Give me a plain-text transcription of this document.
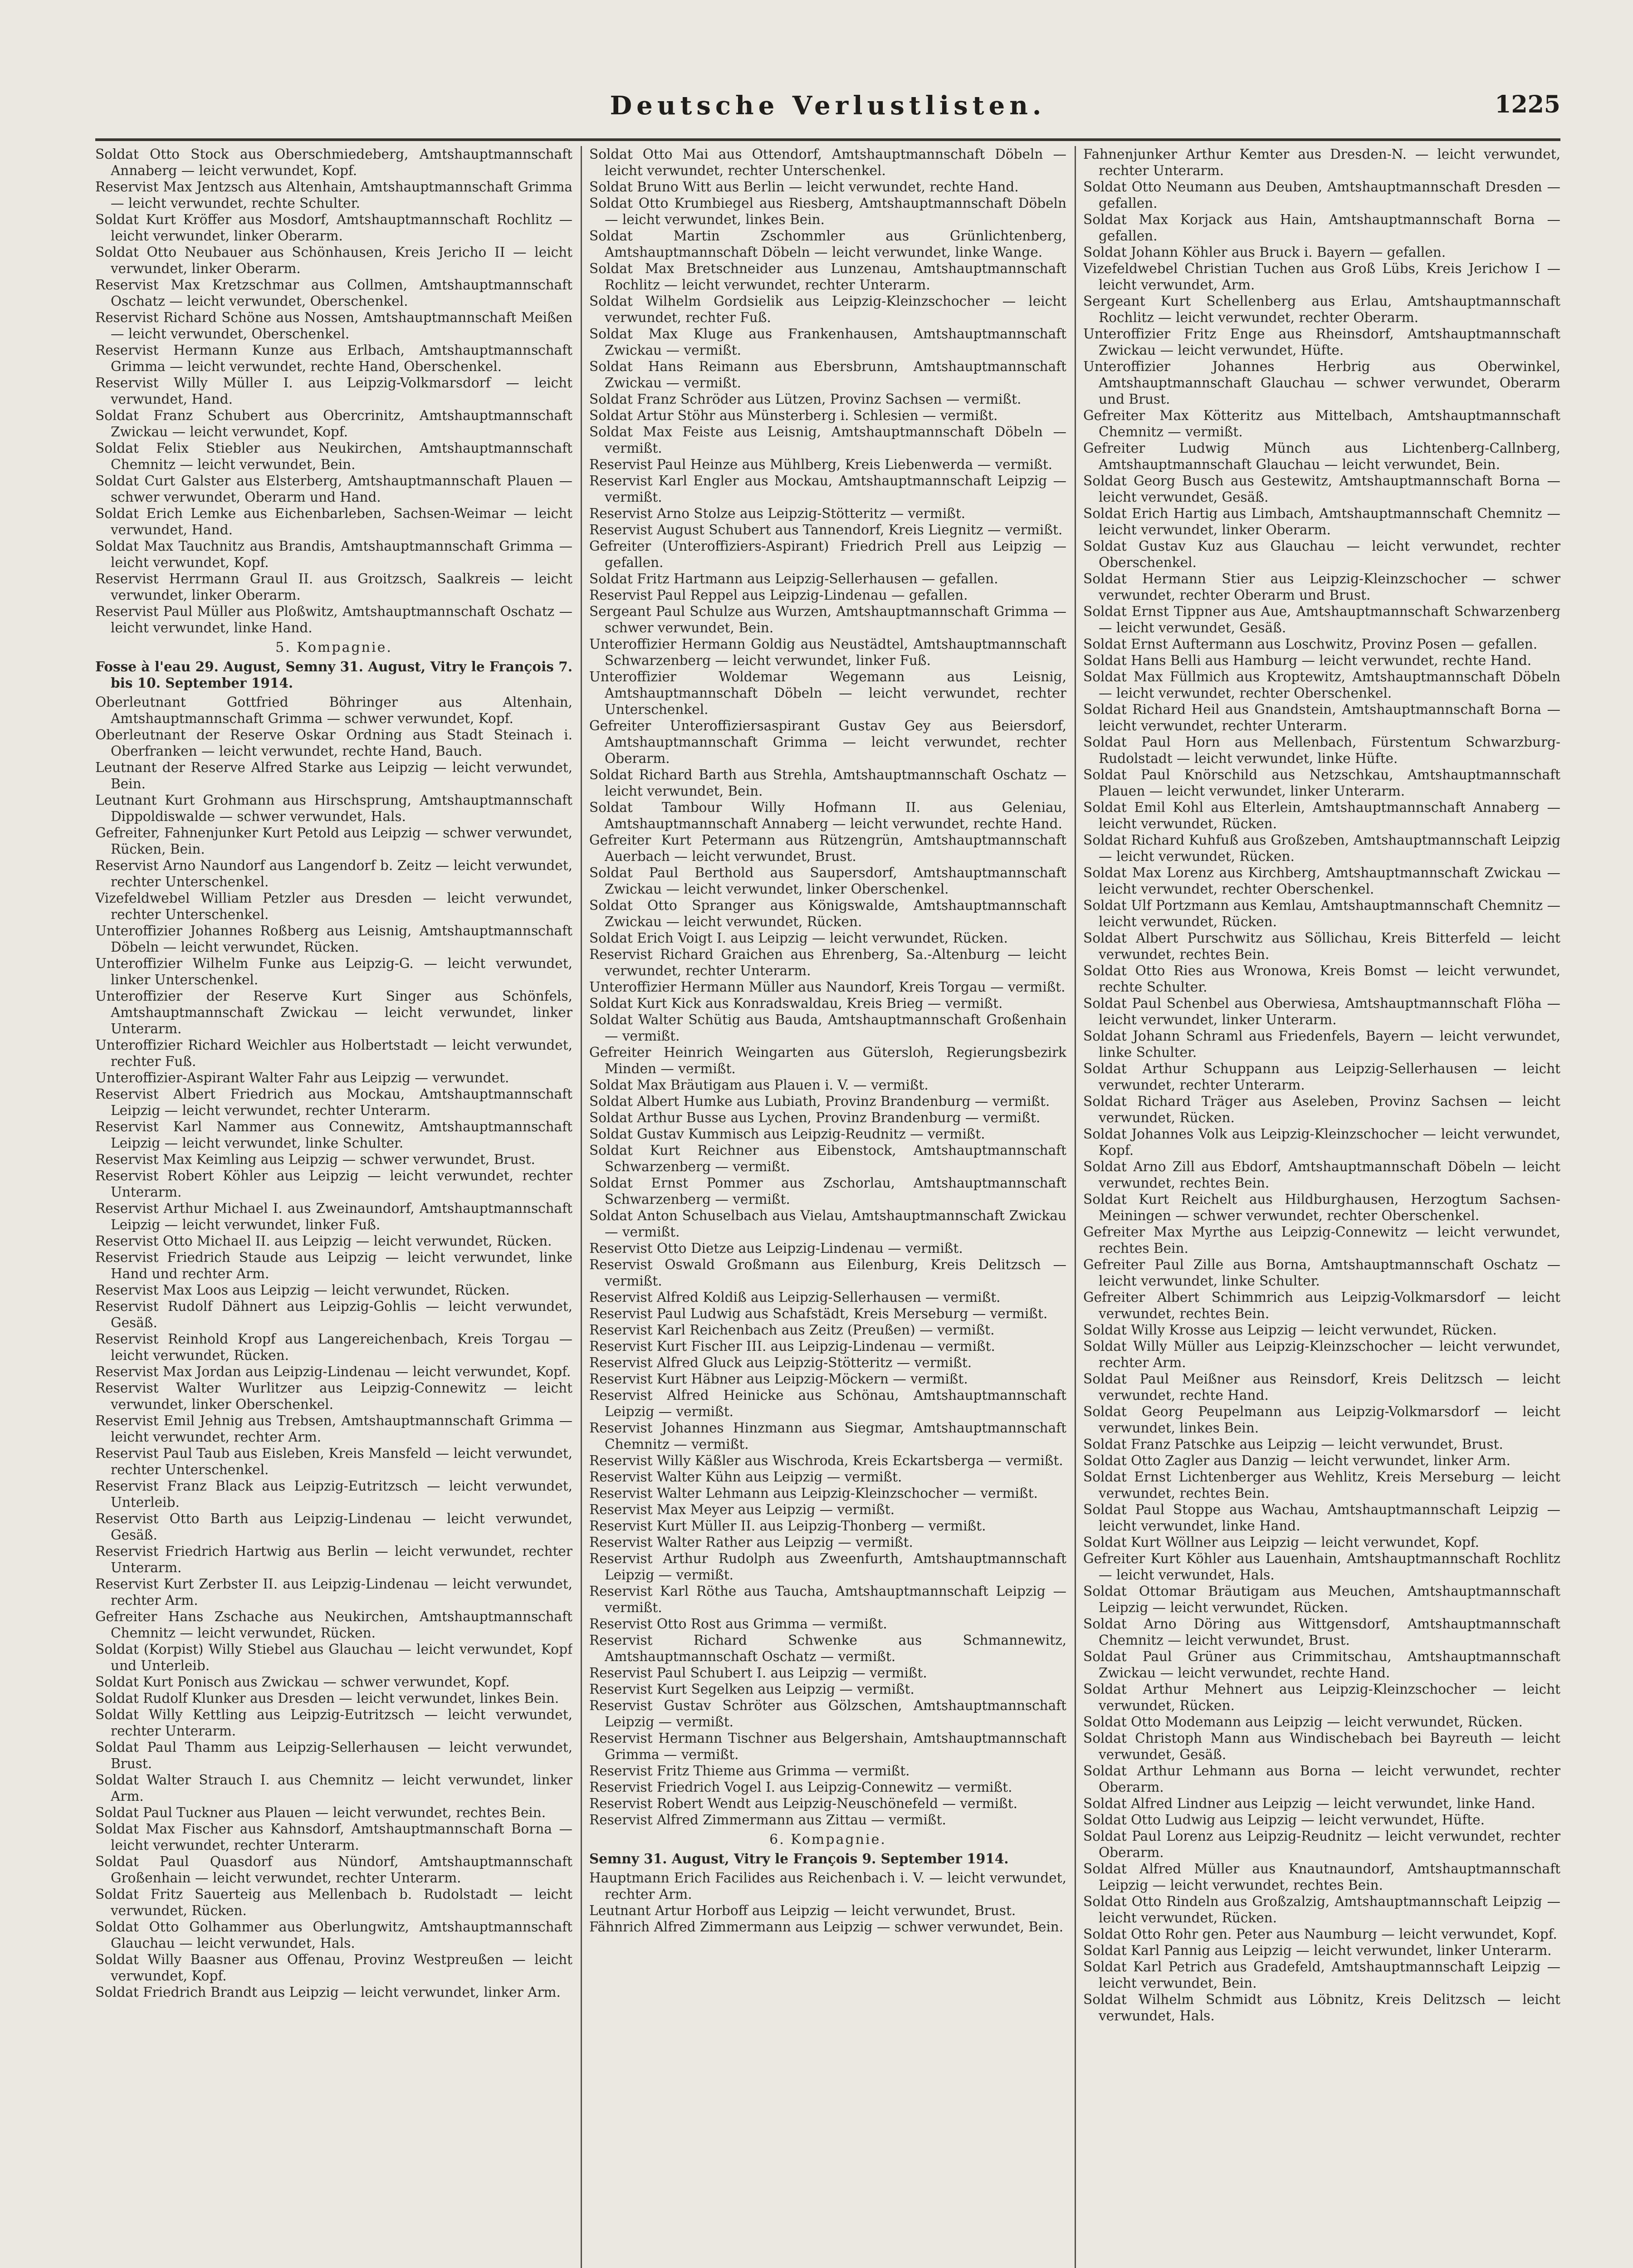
Deutsche Verlustlisten.	1225

Soldat Otto Stock aus Oberschmiedeberg, Amtshauptmannschaft Annaberg — leicht verwundet, Kopf.

Reservist Max Jentzsch aus Altenhain, Amtshauptmannschaft Grimma — leicht verwundet, rechte Schulter.

Soldat Kurt Kröffer aus Mosdorf, Amtshauptmannschaft Rochlitz — leicht verwundet, linker Oberarm.

Soldat Otto Neubauer aus Schönhausen, Kreis Jericho II — leicht verwundet, linker Oberarm.

Reservist Max Kretzschmar aus Collmen, Amtshauptmannschaft Oschatz — leicht verwundet, Oberschenkel.

Reservist Richard Schöne aus Nossen, Amtshauptmannschaft Meißen — leicht verwundet, Oberschenkel.

Reservist Hermann Kunze aus Erlbach, Amtshauptmannschaft Grimma — leicht verwundet, rechte Hand, Oberschenkel.

Reservist Willy Müller I. aus Leipzig-Volkmarsdorf — leicht verwundet, Hand.

Soldat Franz Schubert aus Obercrinitz, Amtshauptmannschaft Zwickau — leicht verwundet, Kopf.

Soldat Felix Stiebler aus Neukirchen, Amtshauptmannschaft Chemnitz — leicht verwundet, Bein.

Soldat Curt Galster aus Elsterberg, Amtshauptmannschaft Plauen — schwer verwundet, Oberarm und Hand.

Soldat Erich Lemke aus Eichenbarleben, Sachsen-Weimar — leicht verwundet, Hand.

Soldat Max Tauchnitz aus Brandis, Amtshauptmannschaft Grimma — leicht verwundet, Kopf.

Reservist Herrmann Graul II. aus Groitzsch, Saalkreis — leicht verwundet, linker Oberarm.

Reservist Paul Müller aus Ploßwitz, Amtshauptmannschaft Oschatz — leicht verwundet, linke Hand.

5. Kompagnie.

Fosse à l'eau 29. August, Semny 31. August, Vitry le François 7. bis 10. September 1914.

Oberleutnant Gottfried Böhringer aus Altenhain, Amtshauptmannschaft Grimma — schwer verwundet, Kopf.

Oberleutnant der Reserve Oskar Ordning aus Stadt Steinach i. Oberfranken — leicht verwundet, rechte Hand, Bauch.

Leutnant der Reserve Alfred Starke aus Leipzig — leicht verwundet, Bein.

Leutnant Kurt Grohmann aus Hirschsprung, Amtshauptmannschaft Dippoldiswalde — schwer verwundet, Hals.

Gefreiter, Fahnenjunker Kurt Petold aus Leipzig — schwer verwundet, Rücken, Bein.

Reservist Arno Naundorf aus Langendorf b. Zeitz — leicht verwundet, rechter Unterschenkel.

Vizefeldwebel William Petzler aus Dresden — leicht verwundet, rechter Unterschenkel.

Unteroffizier Johannes Roßberg aus Leisnig, Amtshauptmannschaft Döbeln — leicht verwundet, Rücken.

Unteroffizier Wilhelm Funke aus Leipzig-G. — leicht verwundet, linker Unterschenkel.

Unteroffizier der Reserve Kurt Singer aus Schönfels, Amtshauptmannschaft Zwickau — leicht verwundet, linker Unterarm.

Unteroffizier Richard Weichler aus Holbertstadt — leicht verwundet, rechter Fuß.

Unteroffizier-Aspirant Walter Fahr aus Leipzig — verwundet.

Reservist Albert Friedrich aus Mockau, Amtshauptmannschaft Leipzig — leicht verwundet, rechter Unterarm.

Reservist Karl Nammer aus Connewitz, Amtshauptmannschaft Leipzig — leicht verwundet, linke Schulter.

Reservist Max Keimling aus Leipzig — schwer verwundet, Brust.

Reservist Robert Köhler aus Leipzig — leicht verwundet, rechter Unterarm.

Reservist Arthur Michael I. aus Zweinaundorf, Amtshauptmannschaft Leipzig — leicht verwundet, linker Fuß.

Reservist Otto Michael II. aus Leipzig — leicht verwundet, Rücken.

Reservist Friedrich Staude aus Leipzig — leicht verwundet, linke Hand und rechter Arm.

Reservist Max Loos aus Leipzig — leicht verwundet, Rücken.

Reservist Rudolf Dähnert aus Leipzig-Gohlis — leicht verwundet, Gesäß.

Reservist Reinhold Kropf aus Langereichenbach, Kreis Torgau — leicht verwundet, Rücken.

Reservist Max Jordan aus Leipzig-Lindenau — leicht verwundet, Kopf.

Reservist Walter Wurlitzer aus Leipzig-Connewitz — leicht verwundet, linker Oberschenkel.

Reservist Emil Jehnig aus Trebsen, Amtshauptmannschaft Grimma — leicht verwundet, rechter Arm.

Reservist Paul Taub aus Eisleben, Kreis Mansfeld — leicht verwundet, rechter Unterschenkel.

Reservist Franz Black aus Leipzig-Eutritzsch — leicht verwundet, Unterleib.

Reservist Otto Barth aus Leipzig-Lindenau — leicht verwundet, Gesäß.

Reservist Friedrich Hartwig aus Berlin — leicht verwundet, rechter Unterarm.

Reservist Kurt Zerbster II. aus Leipzig-Lindenau — leicht verwundet, rechter Arm.

Gefreiter Hans Zschache aus Neukirchen, Amtshauptmannschaft Chemnitz — leicht verwundet, Rücken.

Soldat (Korpist) Willy Stiebel aus Glauchau — leicht verwundet, Kopf und Unterleib.

Soldat Kurt Ponisch aus Zwickau — schwer verwundet, Kopf.

Soldat Rudolf Klunker aus Dresden — leicht verwundet, linkes Bein.

Soldat Willy Kettling aus Leipzig-Eutritzsch — leicht verwundet, rechter Unterarm.

Soldat Paul Thamm aus Leipzig-Sellerhausen — leicht verwundet, Brust.

Soldat Walter Strauch I. aus Chemnitz — leicht verwundet, linker Arm.

Soldat Paul Tuckner aus Plauen — leicht verwundet, rechtes Bein.

Soldat Max Fischer aus Kahnsdorf, Amtshauptmannschaft Borna — leicht verwundet, rechter Unterarm.

Soldat Paul Quasdorf aus Nündorf, Amtshauptmannschaft Großenhain — leicht verwundet, rechter Unterarm.

Soldat Fritz Sauerteig aus Mellenbach b. Rudolstadt — leicht verwundet, Rücken.

Soldat Otto Golhammer aus Oberlungwitz, Amtshauptmannschaft Glauchau — leicht verwundet, Hals.

Soldat Willy Baasner aus Offenau, Provinz Westpreußen — leicht verwundet, Kopf.

Soldat Friedrich Brandt aus Leipzig — leicht verwundet, linker Arm.

Soldat Otto Mai aus Ottendorf, Amtshauptmannschaft Döbeln — leicht verwundet, rechter Unterschenkel.

Soldat Bruno Witt aus Berlin — leicht verwundet, rechte Hand.

Soldat Otto Krumbiegel aus Riesberg, Amtshauptmannschaft Döbeln — leicht verwundet, linkes Bein.

Soldat Martin Zschommler aus Grünlichtenberg, Amtshauptmannschaft Döbeln — leicht verwundet, linke Wange.

Soldat Max Bretschneider aus Lunzenau, Amtshauptmannschaft Rochlitz — leicht verwundet, rechter Unterarm.

Soldat Wilhelm Gordsielik aus Leipzig-Kleinzschocher — leicht verwundet, rechter Fuß.

Soldat Max Kluge aus Frankenhausen, Amtshauptmannschaft Zwickau — vermißt.

Soldat Hans Reimann aus Ebersbrunn, Amtshauptmannschaft Zwickau — vermißt.

Soldat Franz Schröder aus Lützen, Provinz Sachsen — vermißt.

Soldat Artur Stöhr aus Münsterberg i. Schlesien — vermißt.

Soldat Max Feiste aus Leisnig, Amtshauptmannschaft Döbeln — vermißt.

Reservist Paul Heinze aus Mühlberg, Kreis Liebenwerda — vermißt.

Reservist Karl Engler aus Mockau, Amtshauptmannschaft Leipzig — vermißt.

Reservist Arno Stolze aus Leipzig-Stötteritz — vermißt.

Reservist August Schubert aus Tannendorf, Kreis Liegnitz — vermißt.

Gefreiter (Unteroffiziers-Aspirant) Friedrich Prell aus Leipzig — gefallen.

Soldat Fritz Hartmann aus Leipzig-Sellerhausen — gefallen.

Reservist Paul Reppel aus Leipzig-Lindenau — gefallen.

Sergeant Paul Schulze aus Wurzen, Amtshauptmannschaft Grimma — schwer verwundet, Bein.

Unteroffizier Hermann Goldig aus Neustädtel, Amtshauptmannschaft Schwarzenberg — leicht verwundet, linker Fuß.

Unteroffizier Woldemar Wegemann aus Leisnig, Amtshauptmannschaft Döbeln — leicht verwundet, rechter Unterschenkel.

Gefreiter Unteroffiziersaspirant Gustav Gey aus Beiersdorf, Amtshauptmannschaft Grimma — leicht verwundet, rechter Oberarm.

Soldat Richard Barth aus Strehla, Amtshauptmannschaft Oschatz — leicht verwundet, Bein.

Soldat Tambour Willy Hofmann II. aus Geleniau, Amtshauptmannschaft Annaberg — leicht verwundet, rechte Hand.

Gefreiter Kurt Petermann aus Rützengrün, Amtshauptmannschaft Auerbach — leicht verwundet, Brust.

Soldat Paul Berthold aus Saupersdorf, Amtshauptmannschaft Zwickau — leicht verwundet, linker Oberschenkel.

Soldat Otto Spranger aus Königswalde, Amtshauptmannschaft Zwickau — leicht verwundet, Rücken.

Soldat Erich Voigt I. aus Leipzig — leicht verwundet, Rücken.

Reservist Richard Graichen aus Ehrenberg, Sa.-Altenburg — leicht verwundet, rechter Unterarm.

Unteroffizier Hermann Müller aus Naundorf, Kreis Torgau — vermißt.

Soldat Kurt Kick aus Konradswaldau, Kreis Brieg — vermißt.

Soldat Walter Schütig aus Bauda, Amtshauptmannschaft Großenhain — vermißt.

Gefreiter Heinrich Weingarten aus Gütersloh, Regierungsbezirk Minden — vermißt.

Soldat Max Bräutigam aus Plauen i. V. — vermißt.

Soldat Albert Humke aus Lubiath, Provinz Brandenburg — vermißt.

Soldat Arthur Busse aus Lychen, Provinz Brandenburg — vermißt.

Soldat Gustav Kummisch aus Leipzig-Reudnitz — vermißt.

Soldat Kurt Reichner aus Eibenstock, Amtshauptmannschaft Schwarzenberg — vermißt.

Soldat Ernst Pommer aus Zschorlau, Amtshauptmannschaft Schwarzenberg — vermißt.

Soldat Anton Schuselbach aus Vielau, Amtshauptmannschaft Zwickau — vermißt.

Reservist Otto Dietze aus Leipzig-Lindenau — vermißt.

Reservist Oswald Großmann aus Eilenburg, Kreis Delitzsch — vermißt.

Reservist Alfred Koldiß aus Leipzig-Sellerhausen — vermißt.

Reservist Paul Ludwig aus Schafstädt, Kreis Merseburg — vermißt.

Reservist Karl Reichenbach aus Zeitz (Preußen) — vermißt.

Reservist Kurt Fischer III. aus Leipzig-Lindenau — vermißt.

Reservist Alfred Gluck aus Leipzig-Stötteritz — vermißt.

Reservist Kurt Häbner aus Leipzig-Möckern — vermißt.

Reservist Alfred Heinicke aus Schönau, Amtshauptmannschaft Leipzig — vermißt.

Reservist Johannes Hinzmann aus Siegmar, Amtshauptmannschaft Chemnitz — vermißt.

Reservist Willy Käßler aus Wischroda, Kreis Eckartsberga — vermißt.

Reservist Walter Kühn aus Leipzig — vermißt.

Reservist Walter Lehmann aus Leipzig-Kleinzschocher — vermißt.

Reservist Max Meyer aus Leipzig — vermißt.

Reservist Kurt Müller II. aus Leipzig-Thonberg — vermißt.

Reservist Walter Rather aus Leipzig — vermißt.

Reservist Arthur Rudolph aus Zweenfurth, Amtshauptmannschaft Leipzig — vermißt.

Reservist Karl Röthe aus Taucha, Amtshauptmannschaft Leipzig — vermißt.

Reservist Otto Rost aus Grimma — vermißt.

Reservist Richard Schwenke aus Schmannewitz, Amtshauptmannschaft Oschatz — vermißt.

Reservist Paul Schubert I. aus Leipzig — vermißt.

Reservist Kurt Segelken aus Leipzig — vermißt.

Reservist Gustav Schröter aus Gölzschen, Amtshauptmannschaft Leipzig — vermißt.

Reservist Hermann Tischner aus Belgershain, Amtshauptmannschaft Grimma — vermißt.

Reservist Fritz Thieme aus Grimma — vermißt.

Reservist Friedrich Vogel I. aus Leipzig-Connewitz — vermißt.

Reservist Robert Wendt aus Leipzig-Neuschönefeld — vermißt.

Reservist Alfred Zimmermann aus Zittau — vermißt.

6. Kompagnie.

Semny 31. August, Vitry le François 9. September 1914.

Hauptmann Erich Facilides aus Reichenbach i. V. — leicht verwundet, rechter Arm.

Leutnant Artur Horboff aus Leipzig — leicht verwundet, Brust.

Fähnrich Alfred Zimmermann aus Leipzig — schwer verwundet, Bein.

Fahnenjunker Arthur Kemter aus Dresden-N. — leicht verwundet, rechter Unterarm.

Soldat Otto Neumann aus Deuben, Amtshauptmannschaft Dresden — gefallen.

Soldat Max Korjack aus Hain, Amtshauptmannschaft Borna — gefallen.

Soldat Johann Köhler aus Bruck i. Bayern — gefallen.

Vizefeldwebel Christian Tuchen aus Groß Lübs, Kreis Jerichow I — leicht verwundet, Arm.

Sergeant Kurt Schellenberg aus Erlau, Amtshauptmannschaft Rochlitz — leicht verwundet, rechter Oberarm.

Unteroffizier Fritz Enge aus Rheinsdorf, Amtshauptmannschaft Zwickau — leicht verwundet, Hüfte.

Unteroffizier Johannes Herbrig aus Oberwinkel, Amtshauptmannschaft Glauchau — schwer verwundet, Oberarm und Brust.

Gefreiter Max Kötteritz aus Mittelbach, Amtshauptmannschaft Chemnitz — vermißt.

Gefreiter Ludwig Münch aus Lichtenberg-Callnberg, Amtshauptmannschaft Glauchau — leicht verwundet, Bein.

Soldat Georg Busch aus Gestewitz, Amtshauptmannschaft Borna — leicht verwundet, Gesäß.

Soldat Erich Hartig aus Limbach, Amtshauptmannschaft Chemnitz — leicht verwundet, linker Oberarm.

Soldat Gustav Kuz aus Glauchau — leicht verwundet, rechter Oberschenkel.

Soldat Hermann Stier aus Leipzig-Kleinzschocher — schwer verwundet, rechter Oberarm und Brust.

Soldat Ernst Tippner aus Aue, Amtshauptmannschaft Schwarzenberg — leicht verwundet, Gesäß.

Soldat Ernst Auftermann aus Loschwitz, Provinz Posen — gefallen.

Soldat Hans Belli aus Hamburg — leicht verwundet, rechte Hand.

Soldat Max Füllmich aus Kroptewitz, Amtshauptmannschaft Döbeln — leicht verwundet, rechter Oberschenkel.

Soldat Richard Heil aus Gnandstein, Amtshauptmannschaft Borna — leicht verwundet, rechter Unterarm.

Soldat Paul Horn aus Mellenbach, Fürstentum Schwarzburg-Rudolstadt — leicht verwundet, linke Hüfte.

Soldat Paul Knörschild aus Netzschkau, Amtshauptmannschaft Plauen — leicht verwundet, linker Unterarm.

Soldat Emil Kohl aus Elterlein, Amtshauptmannschaft Annaberg — leicht verwundet, Rücken.

Soldat Richard Kuhfuß aus Großzeben, Amtshauptmannschaft Leipzig — leicht verwundet, Rücken.

Soldat Max Lorenz aus Kirchberg, Amtshauptmannschaft Zwickau — leicht verwundet, rechter Oberschenkel.

Soldat Ulf Portzmann aus Kemlau, Amtshauptmannschaft Chemnitz — leicht verwundet, Rücken.

Soldat Albert Purschwitz aus Söllichau, Kreis Bitterfeld — leicht verwundet, rechtes Bein.

Soldat Otto Ries aus Wronowa, Kreis Bomst — leicht verwundet, rechte Schulter.

Soldat Paul Schenbel aus Oberwiesa, Amtshauptmannschaft Flöha — leicht verwundet, linker Unterarm.

Soldat Johann Schraml aus Friedenfels, Bayern — leicht verwundet, linke Schulter.

Soldat Arthur Schuppann aus Leipzig-Sellerhausen — leicht verwundet, rechter Unterarm.

Soldat Richard Träger aus Aseleben, Provinz Sachsen — leicht verwundet, Rücken.

Soldat Johannes Volk aus Leipzig-Kleinzschocher — leicht verwundet, Kopf.

Soldat Arno Zill aus Ebdorf, Amtshauptmannschaft Döbeln — leicht verwundet, rechtes Bein.

Soldat Kurt Reichelt aus Hildburghausen, Herzogtum Sachsen-Meiningen — schwer verwundet, rechter Oberschenkel.

Gefreiter Max Myrthe aus Leipzig-Connewitz — leicht verwundet, rechtes Bein.

Gefreiter Paul Zille aus Borna, Amtshauptmannschaft Oschatz — leicht verwundet, linke Schulter.

Gefreiter Albert Schimmrich aus Leipzig-Volkmarsdorf — leicht verwundet, rechtes Bein.

Soldat Willy Krosse aus Leipzig — leicht verwundet, Rücken.

Soldat Willy Müller aus Leipzig-Kleinzschocher — leicht verwundet, rechter Arm.

Soldat Paul Meißner aus Reinsdorf, Kreis Delitzsch — leicht verwundet, rechte Hand.

Soldat Georg Peupelmann aus Leipzig-Volkmarsdorf — leicht verwundet, linkes Bein.

Soldat Franz Patschke aus Leipzig — leicht verwundet, Brust.

Soldat Otto Zagler aus Danzig — leicht verwundet, linker Arm.

Soldat Ernst Lichtenberger aus Wehlitz, Kreis Merseburg — leicht verwundet, rechtes Bein.

Soldat Paul Stoppe aus Wachau, Amtshauptmannschaft Leipzig — leicht verwundet, linke Hand.

Soldat Kurt Wöllner aus Leipzig — leicht verwundet, Kopf.

Gefreiter Kurt Köhler aus Lauenhain, Amtshauptmannschaft Rochlitz — leicht verwundet, Hals.

Soldat Ottomar Bräutigam aus Meuchen, Amtshauptmannschaft Leipzig — leicht verwundet, Rücken.

Soldat Arno Döring aus Wittgensdorf, Amtshauptmannschaft Chemnitz — leicht verwundet, Brust.

Soldat Paul Grüner aus Crimmitschau, Amtshauptmannschaft Zwickau — leicht verwundet, rechte Hand.

Soldat Arthur Mehnert aus Leipzig-Kleinzschocher — leicht verwundet, Rücken.

Soldat Otto Modemann aus Leipzig — leicht verwundet, Rücken.

Soldat Christoph Mann aus Windischebach bei Bayreuth — leicht verwundet, Gesäß.

Soldat Arthur Lehmann aus Borna — leicht verwundet, rechter Oberarm.

Soldat Alfred Lindner aus Leipzig — leicht verwundet, linke Hand.

Soldat Otto Ludwig aus Leipzig — leicht verwundet, Hüfte.

Soldat Paul Lorenz aus Leipzig-Reudnitz — leicht verwundet, rechter Oberarm.

Soldat Alfred Müller aus Knautnaundorf, Amtshauptmannschaft Leipzig — leicht verwundet, rechtes Bein.

Soldat Otto Rindeln aus Großzalzig, Amtshauptmannschaft Leipzig — leicht verwundet, Rücken.

Soldat Otto Rohr gen. Peter aus Naumburg — leicht verwundet, Kopf.

Soldat Karl Pannig aus Leipzig — leicht verwundet, linker Unterarm.

Soldat Karl Petrich aus Gradefeld, Amtshauptmannschaft Leipzig — leicht verwundet, Bein.

Soldat Wilhelm Schmidt aus Löbnitz, Kreis Delitzsch — leicht verwundet, Hals.
